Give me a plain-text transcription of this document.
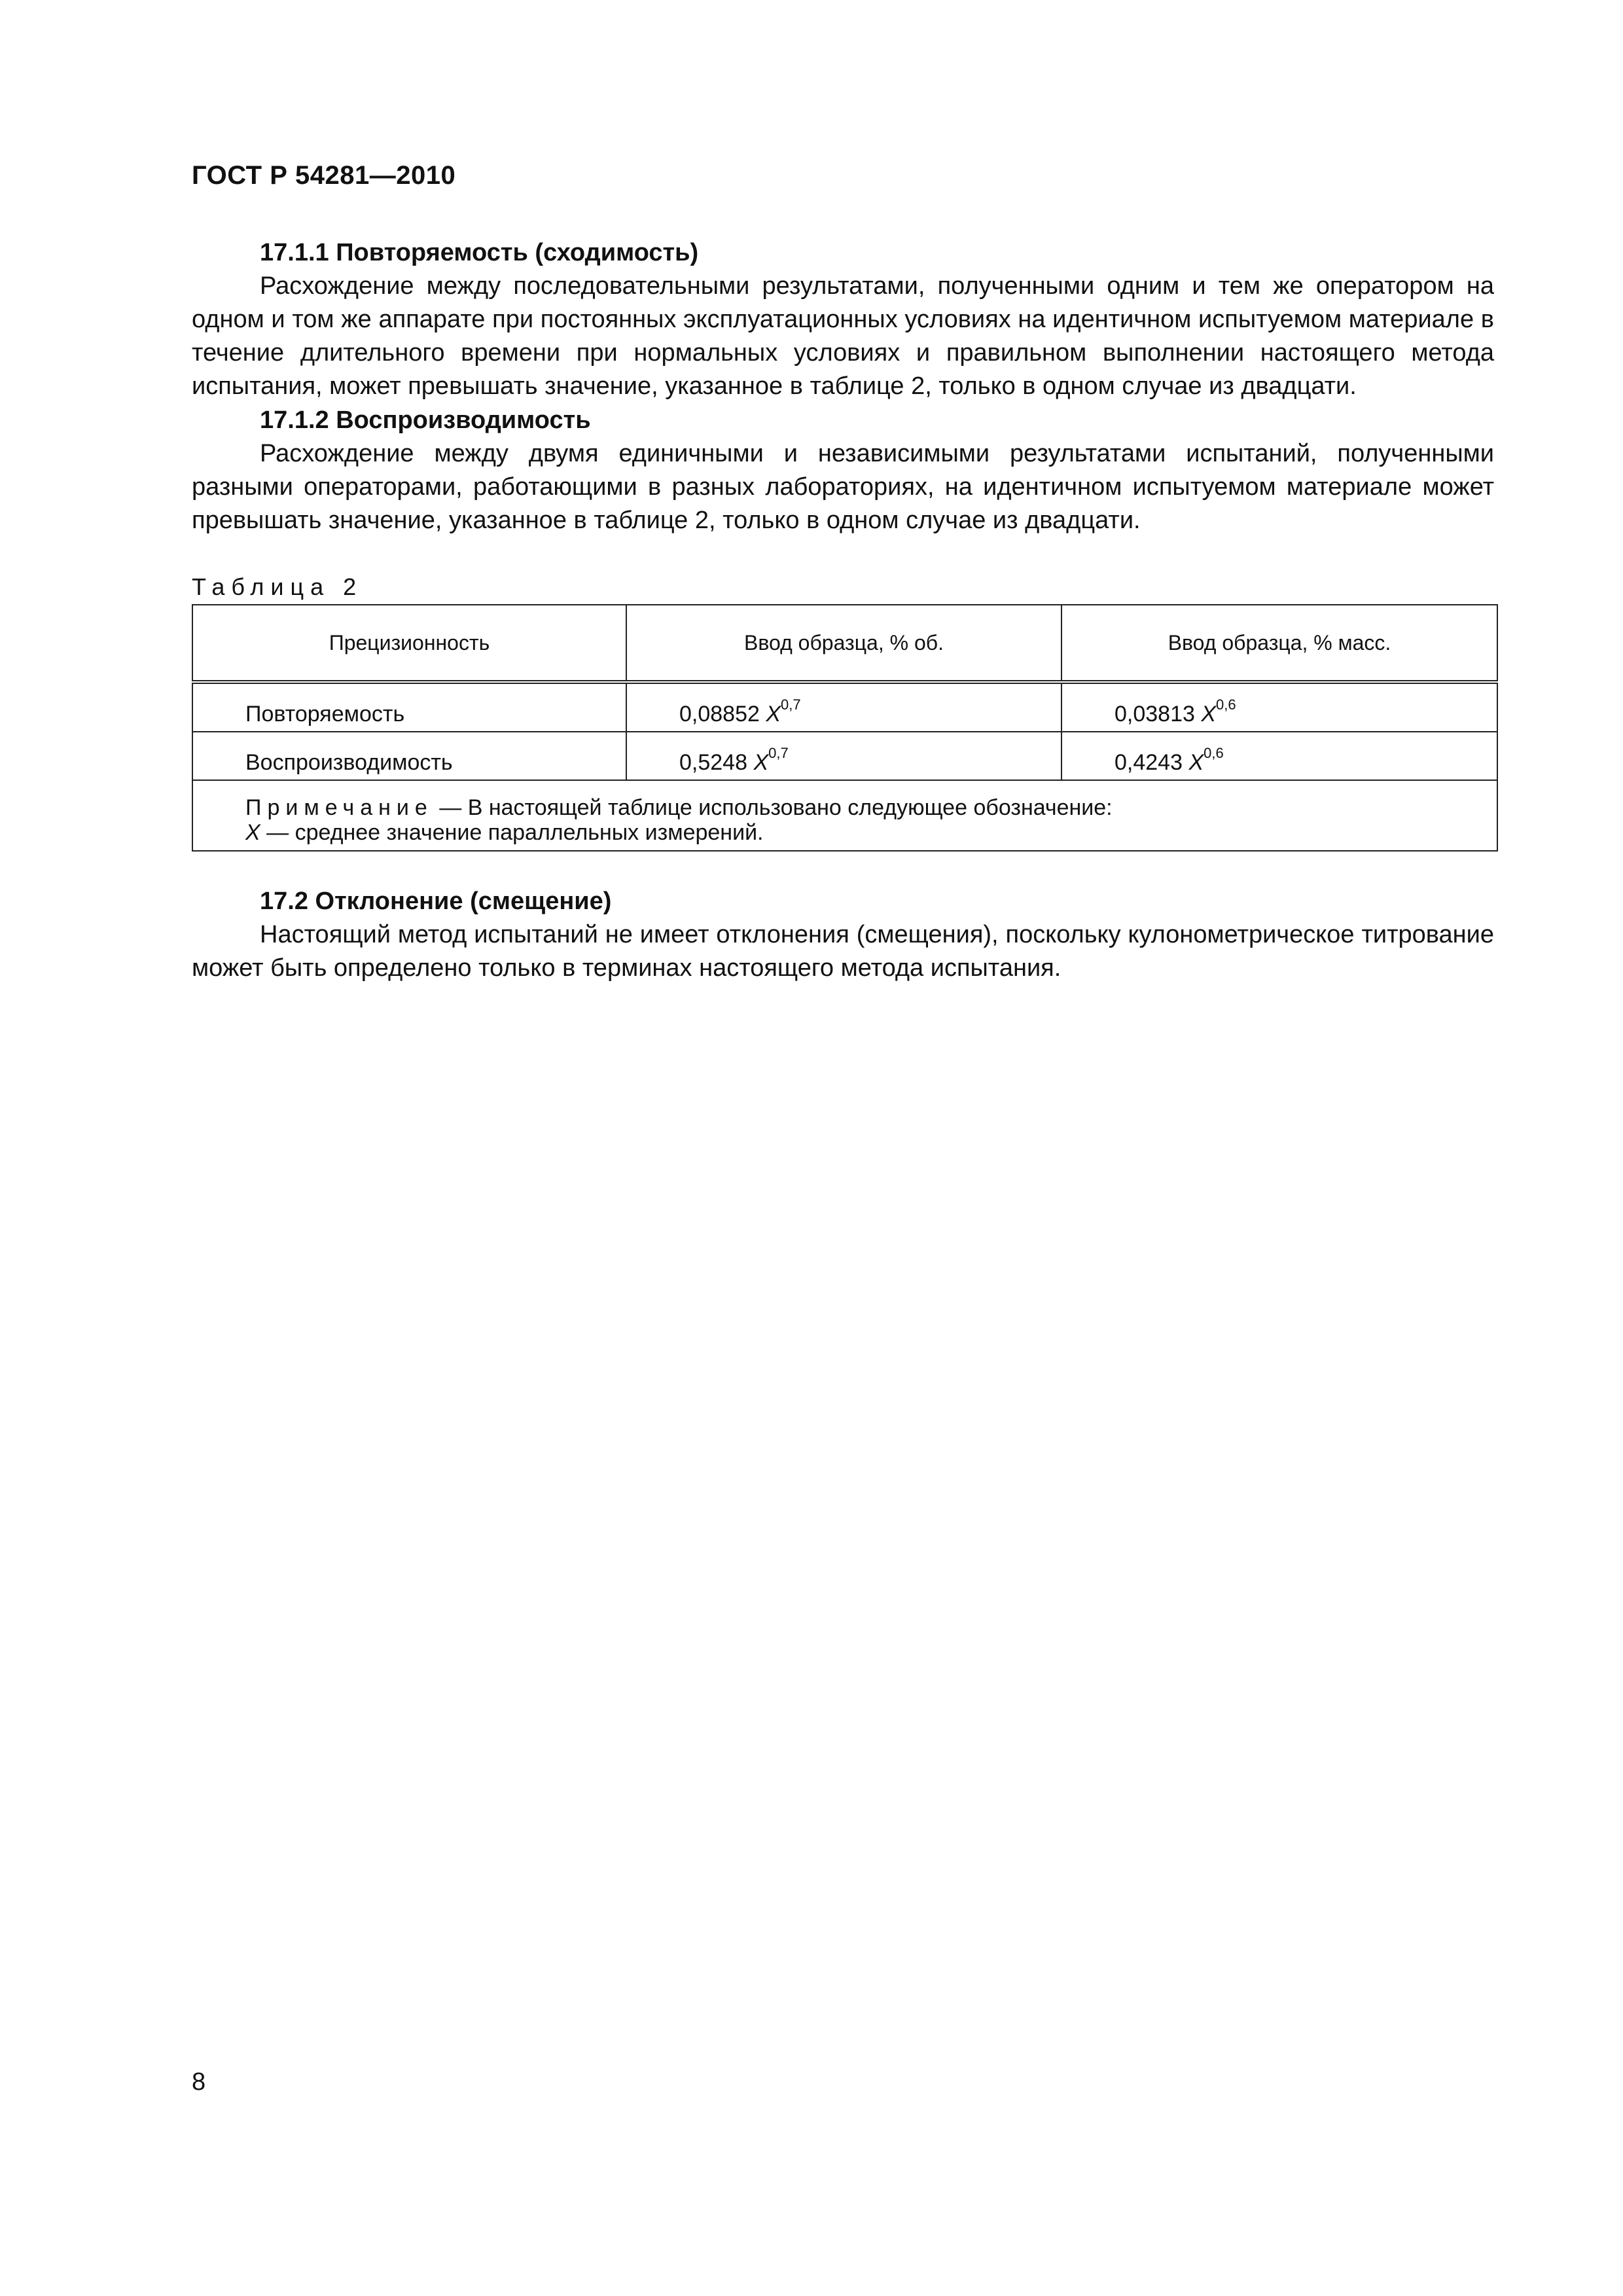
ГОСТ Р 54281—2010

17.1.1 Повторяемость (сходимость)

Расхождение между последовательными результатами, полученными одним и тем же оператором на одном и том же аппарате при постоянных эксплуатационных условиях на идентичном испытуемом материале в течение длительного времени при нормальных условиях и правильном выполнении настоящего метода испытания, может превышать значение, указанное в таблице 2, только в одном случае из двадцати.

17.1.2 Воспроизводимость

Расхождение между двумя единичными и независимыми результатами испытаний, полученными разными операторами, работающими в разных лабораториях, на идентичном испытуемом материале может превышать значение, указанное в таблице 2, только в одном случае из двадцати.

Таблица 2
Прецизионность	Ввод образца, % об.	Ввод образца, % масс.
Повторяемость	0,08852 X$^{0,7}$	0,03813 X$^{0,6}$
Воспроизводимость	0,5248 X$^{0,7}$	0,4243 X$^{0,6}$

Примечание — В настоящей таблице использовано следующее обозначение:
X — среднее значение параллельных измерений.		

17.2 Отклонение (смещение)

Настоящий метод испытаний не имеет отклонения (смещения), поскольку кулонометрическое титрование может быть определено только в терминах настоящего метода испытания.

8
